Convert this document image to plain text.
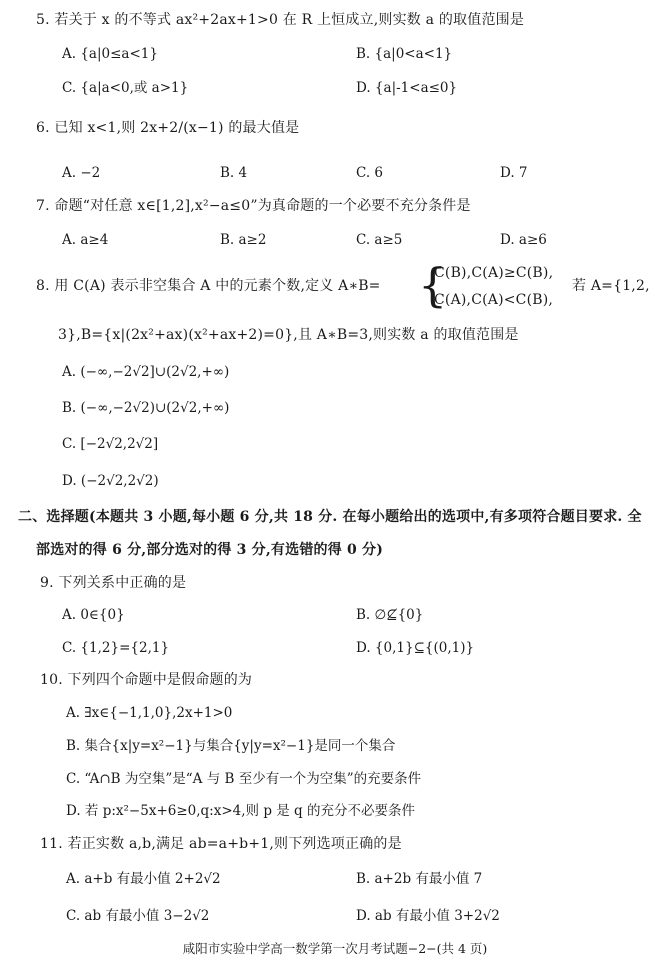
5. 若关于 x 的不等式 ax²+2ax+1>0 在 R 上恒成立,则实数 a 的取值范围是
A. {a|0≤a<1}	B. {a|0<a<1}
C. {a|a<0,或 a>1}	D. {a|-1<a≤0}
6. 已知 x<1,则 2x+2/(x−1) 的最大值是
A. −2	B. 4	C. 6	D. 7
7. 命题“对任意 x∈[1,2],x²−a≤0”为真命题的一个必要不充分条件是
A. a≥4	B. a≥2	C. a≥5	D. a≥6
8. 用 C(A) 表示非空集合 A 中的元素个数,定义 A∗B= {
C(B),C(A)≥C(B),
C(A),C(A)<C(B),
若 A={1,2,
3},B={x|(2x²+ax)(x²+ax+2)=0},且 A∗B=3,则实数 a 的取值范围是
A. (−∞,−2√2]∪(2√2,+∞)
B. (−∞,−2√2)∪(2√2,+∞)
C. [−2√2,2√2]
D. (−2√2,2√2)
二、选择题(本题共 3 小题,每小题 6 分,共 18 分. 在每小题给出的选项中,有多项符合题目要求. 全
部选对的得 6 分,部分选对的得 3 分,有选错的得 0 分)
9. 下列关系中正确的是
A. 0∈{0}	B. ∅⊈{0}
C. {1,2}={2,1}	D. {0,1}⊆{(0,1)}
10. 下列四个命题中是假命题的为
A. ∃x∈{−1,1,0},2x+1>0
B. 集合{x|y=x²−1}与集合{y|y=x²−1}是同一个集合
C. “A∩B 为空集”是“A 与 B 至少有一个为空集”的充要条件
D. 若 p:x²−5x+6≥0,q:x>4,则 p 是 q 的充分不必要条件
11. 若正实数 a,b,满足 ab=a+b+1,则下列选项正确的是
A. a+b 有最小值 2+2√2	B. a+2b 有最小值 7
C. ab 有最小值 3−2√2	D. ab 有最小值 3+2√2
咸阳市实验中学高一数学第一次月考试题−2−(共 4 页)
